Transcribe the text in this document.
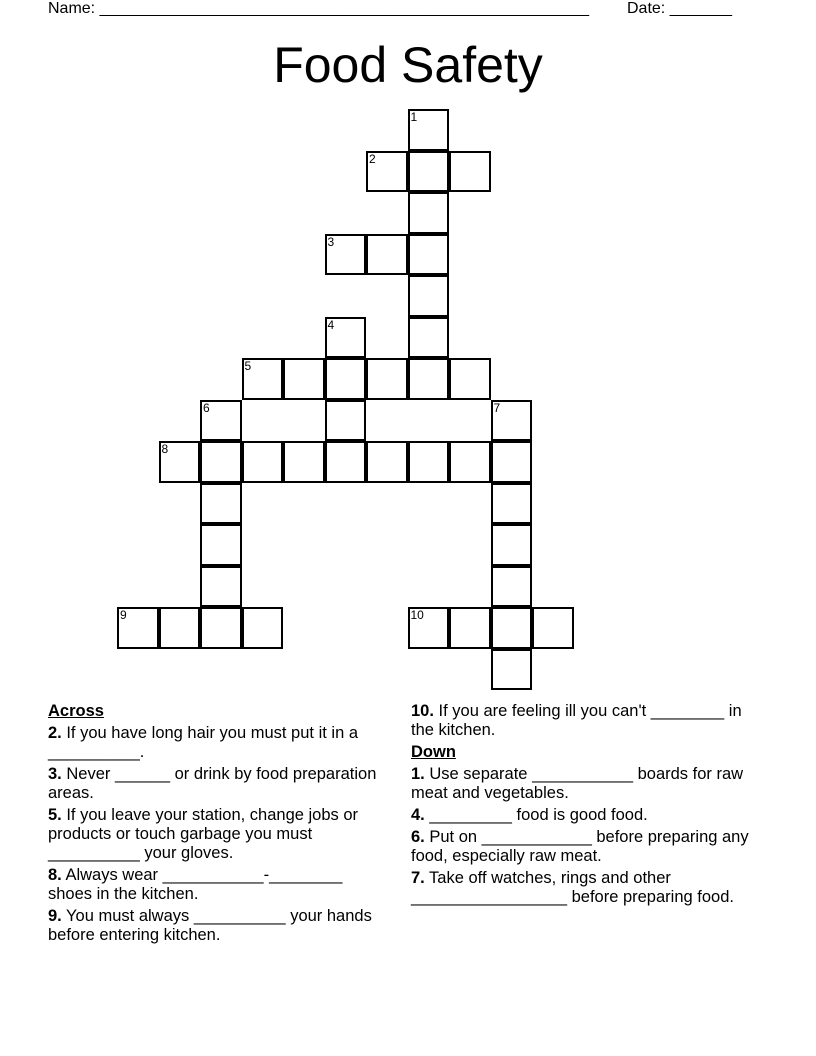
Name: _______________________________________________________ Date: _______
Food Safety
1
2
3
4
5
6	7
8
9	10
Across
2. If you have long hair you must put it in a __________.
3. Never ______ or drink by food preparation areas.
5. If you leave your station, change jobs or products or touch garbage you must __________ your gloves.
8. Always wear ___________-________ shoes in the kitchen.
9. You must always __________ your hands before entering kitchen.
10. If you are feeling ill you can't ________ in the kitchen.
Down
1. Use separate ___________ boards for raw meat and vegetables.
4. _________ food is good food.
6. Put on ____________ before preparing any food, especially raw meat.
7. Take off watches, rings and other _________________ before preparing food.
